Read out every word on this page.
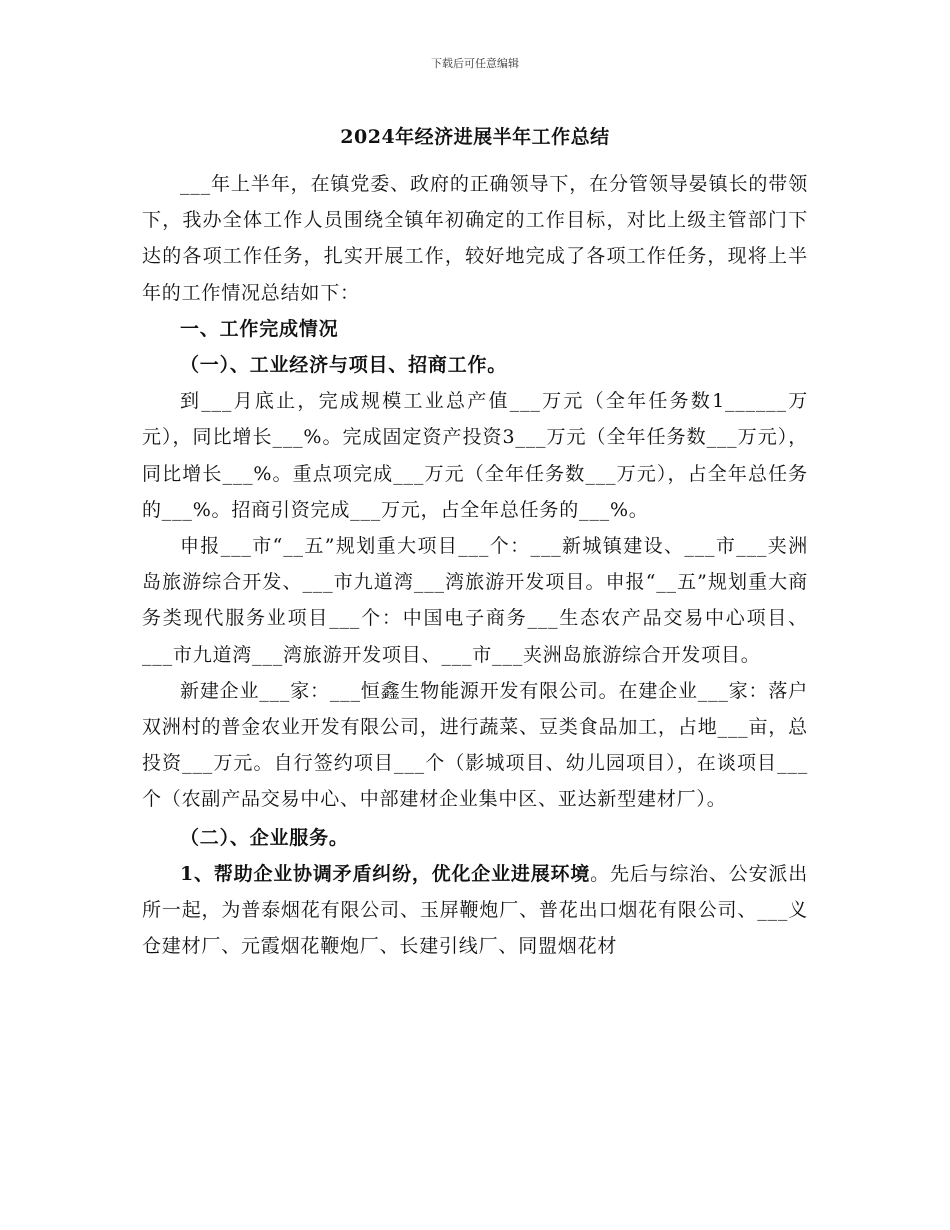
下载后可任意编辑
2024年经济进展半年工作总结

___年上半年，在镇党委、政府的正确领导下，在分管领导晏镇长的带领下，我办全体工作人员围绕全镇年初确定的工作目标，对比上级主管部门下达的各项工作任务，扎实开展工作，较好地完成了各项工作任务，现将上半年的工作情况总结如下：

一、工作完成情况

（一）、工业经济与项目、招商工作。

到___月底止，完成规模工业总产值___万元（全年任务数1______万元），同比增长___%。完成固定资产投资3___万元（全年任务数___万元），同比增长___%。重点项完成___万元（全年任务数___万元），占全年总任务的___%。招商引资完成___万元，占全年总任务的___%。

申报___市“__五”规划重大项目___个：___新城镇建设、___市___夹洲岛旅游综合开发、___市九道湾___湾旅游开发项目。申报“__五”规划重大商务类现代服务业项目___个：中国电子商务___生态农产品交易中心项目、___市九道湾___湾旅游开发项目、___市___夹洲岛旅游综合开发项目。

新建企业___家：___恒鑫生物能源开发有限公司。在建企业___家：落户双洲村的普金农业开发有限公司，进行蔬菜、豆类食品加工，占地___亩，总投资___万元。自行签约项目___个（影城项目、幼儿园项目），在谈项目___个（农副产品交易中心、中部建材企业集中区、亚达新型建材厂）。

（二）、企业服务。

1、帮助企业协调矛盾纠纷，优化企业进展环境。先后与综治、公安派出所一起，为普泰烟花有限公司、玉屏鞭炮厂、普花出口烟花有限公司、___义仓建材厂、元霞烟花鞭炮厂、长建引线厂、同盟烟花材
